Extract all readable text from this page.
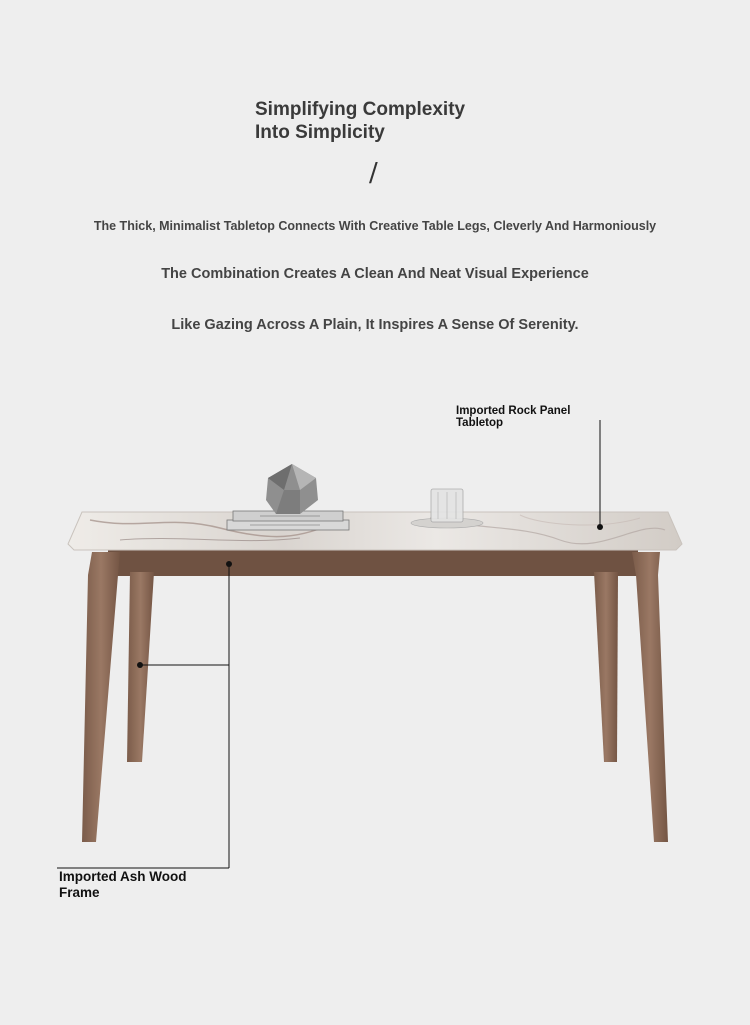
Simplifying Complexity
Into Simplicity
/

The Thick, Minimalist Tabletop Connects With Creative Table Legs, Cleverly And Harmoniously

The Combination Creates A Clean And Neat Visual Experience

Like Gazing Across A Plain, It Inspires A Sense Of Serenity.

Imported Rock Panel
Tabletop
Imported Ash Wood
Frame
